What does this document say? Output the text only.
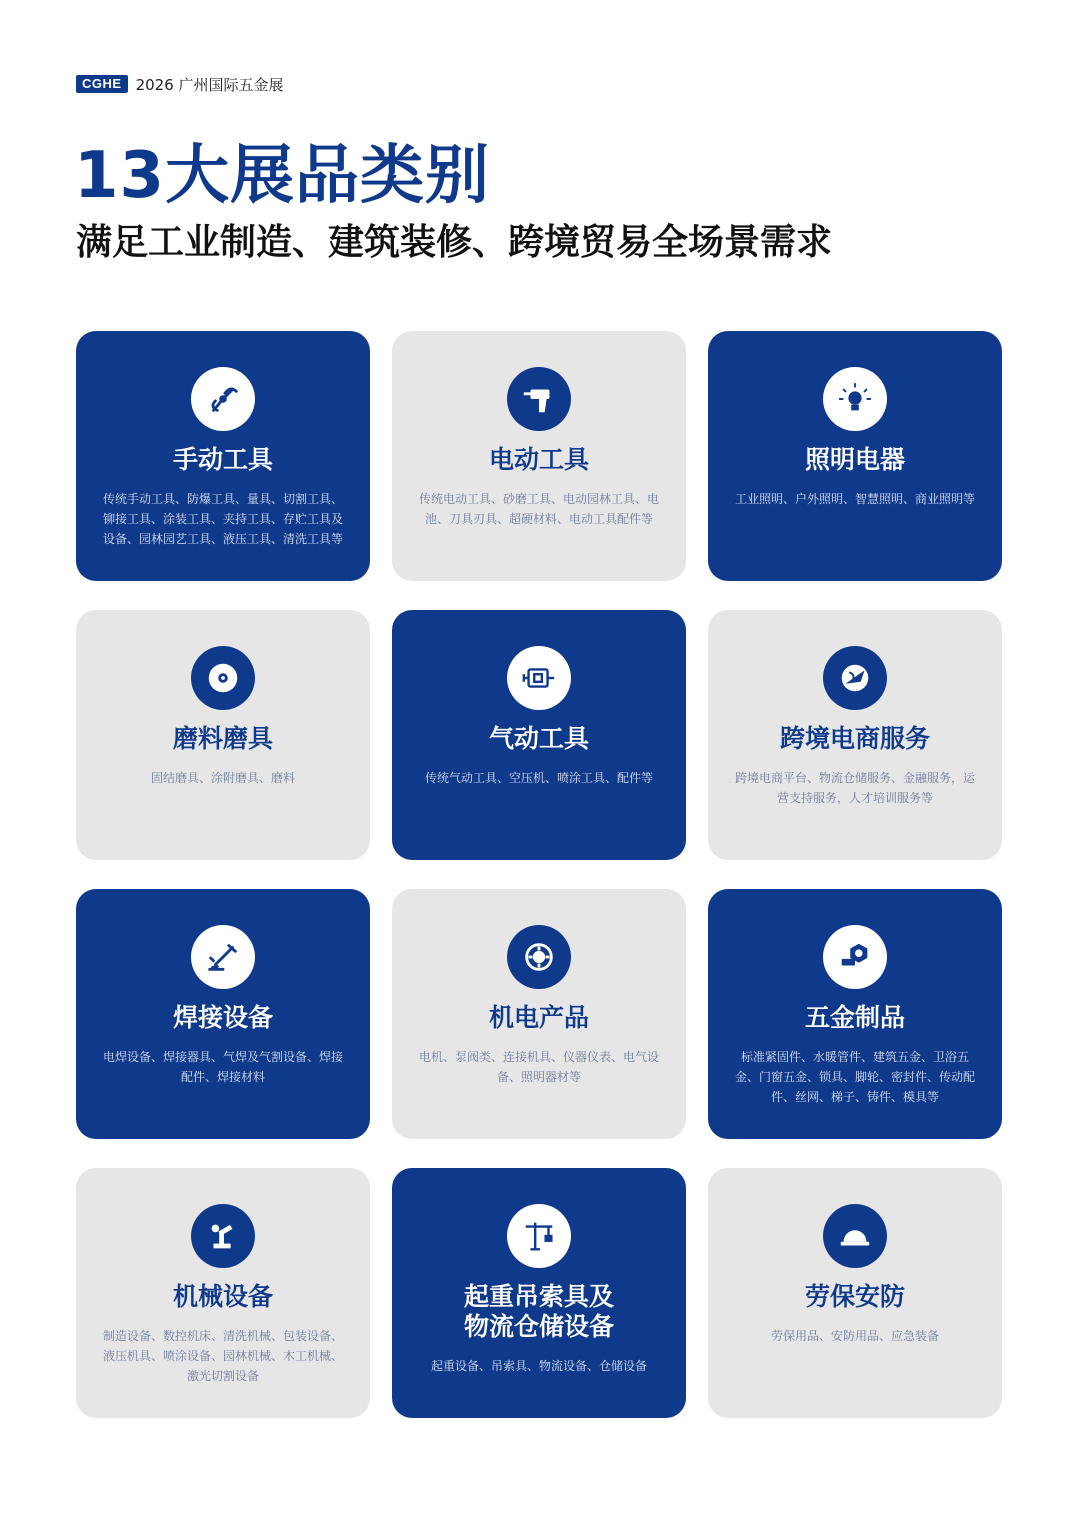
CGHE 2026 广州国际五金展
13大展品类别
满足工业制造、建筑装修、跨境贸易全场景需求
手动工具
传统手动工具、防爆工具、量具、切割工具、铆接工具、涂装工具、夹持工具、存贮工具及设备、园林园艺工具、液压工具、清洗工具等
电动工具
传统电动工具、砂磨工具、电动园林工具、电池、刀具刃具、超硬材料、电动工具配件等
照明电器
工业照明、户外照明、智慧照明、商业照明等
磨料磨具
固结磨具、涂附磨具、磨料
气动工具
传统气动工具、空压机、喷涂工具、配件等
跨境电商服务
跨境电商平台、物流仓储服务、金融服务，运营支持服务，人才培训服务等
焊接设备
电焊设备、焊接器具、气焊及气割设备、焊接配件、焊接材料
机电产品
电机、泵阀类、连接机具、仪器仪表、电气设备、照明器材等
五金制品
标准紧固件、水暖管件、建筑五金、卫浴五金、门窗五金、锁具、脚轮、密封件、传动配件、丝网、梯子、铸件、模具等
机械设备
制造设备、数控机床、清洗机械、包装设备、液压机具、喷涂设备、园林机械、木工机械、激光切割设备
起重吊索具及
物流仓储设备
起重设备、吊索具、物流设备、仓储设备
劳保安防
劳保用品、安防用品、应急装备
